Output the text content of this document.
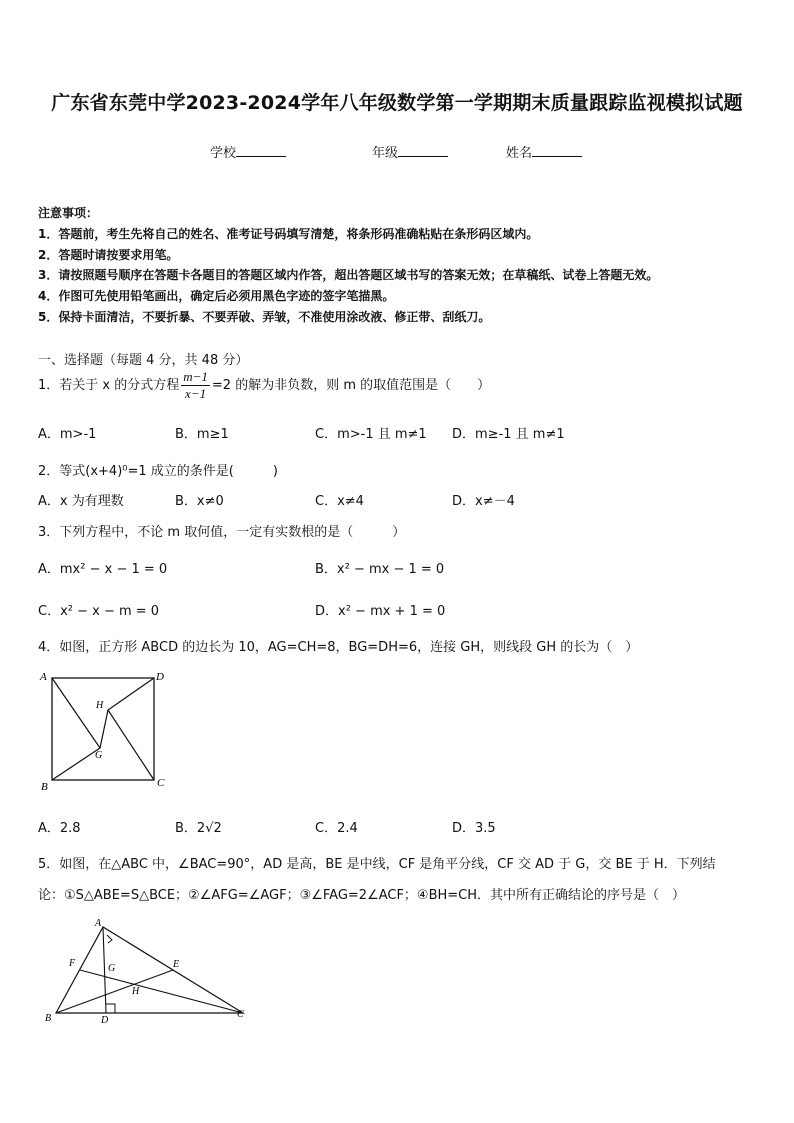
广东省东莞中学2023-2024学年八年级数学第一学期期末质量跟踪监视模拟试题
学校	年级	姓名
注意事项：
1．答题前，考生先将自己的姓名、准考证号码填写清楚，将条形码准确粘贴在条形码区域内。
2．答题时请按要求用笔。
3．请按照题号顺序在答题卡各题目的答题区域内作答，超出答题区域书写的答案无效；在草稿纸、试卷上答题无效。
4．作图可先使用铅笔画出，确定后必须用黑色字迹的签字笔描黑。
5．保持卡面清洁，不要折暴、不要弄破、弄皱，不准使用涂改液、修正带、刮纸刀。
一、选择题（每题 4 分，共 48 分）
1．若关于 x 的分式方程 $\frac{m-1}{x-1} =2$ 的解为非负数，则 m 的取值范围是（　　）
A．m>-1	B．m≥1	C．m>-1 且 m≠1 D．m≥-1 且 m≠1
2．等式(x+4)⁰=1 成立的条件是(　　　)
A．x 为有理数	B．x≠0	C．x≠4	D．x≠－4
3．下列方程中，不论 m 取何值，一定有实数根的是（　　　）
A．mx² − x − 1 = 0	B．x² − mx − 1 = 0
C．x² − x − m = 0	D．x² − mx + 1 = 0
4．如图，正方形 ABCD 的边长为 10，AG=CH=8，BG=DH=6，连接 GH，则线段 GH 的长为（　）
A	D
B	C
H
G
A．2.8	B．2√2	C．2.4	D．3.5
5．如图，在△ABC 中，∠BAC=90°，AD 是高，BE 是中线，CF 是角平分线，CF 交 AD 于 G，交 BE 于 H．下列结
论：①S△ABE=S△BCE；②∠AFG=∠AGF；③∠FAG=2∠ACF；④BH=CH．其中所有正确结论的序号是（　）
A
B	C
D
E
F	G
H
